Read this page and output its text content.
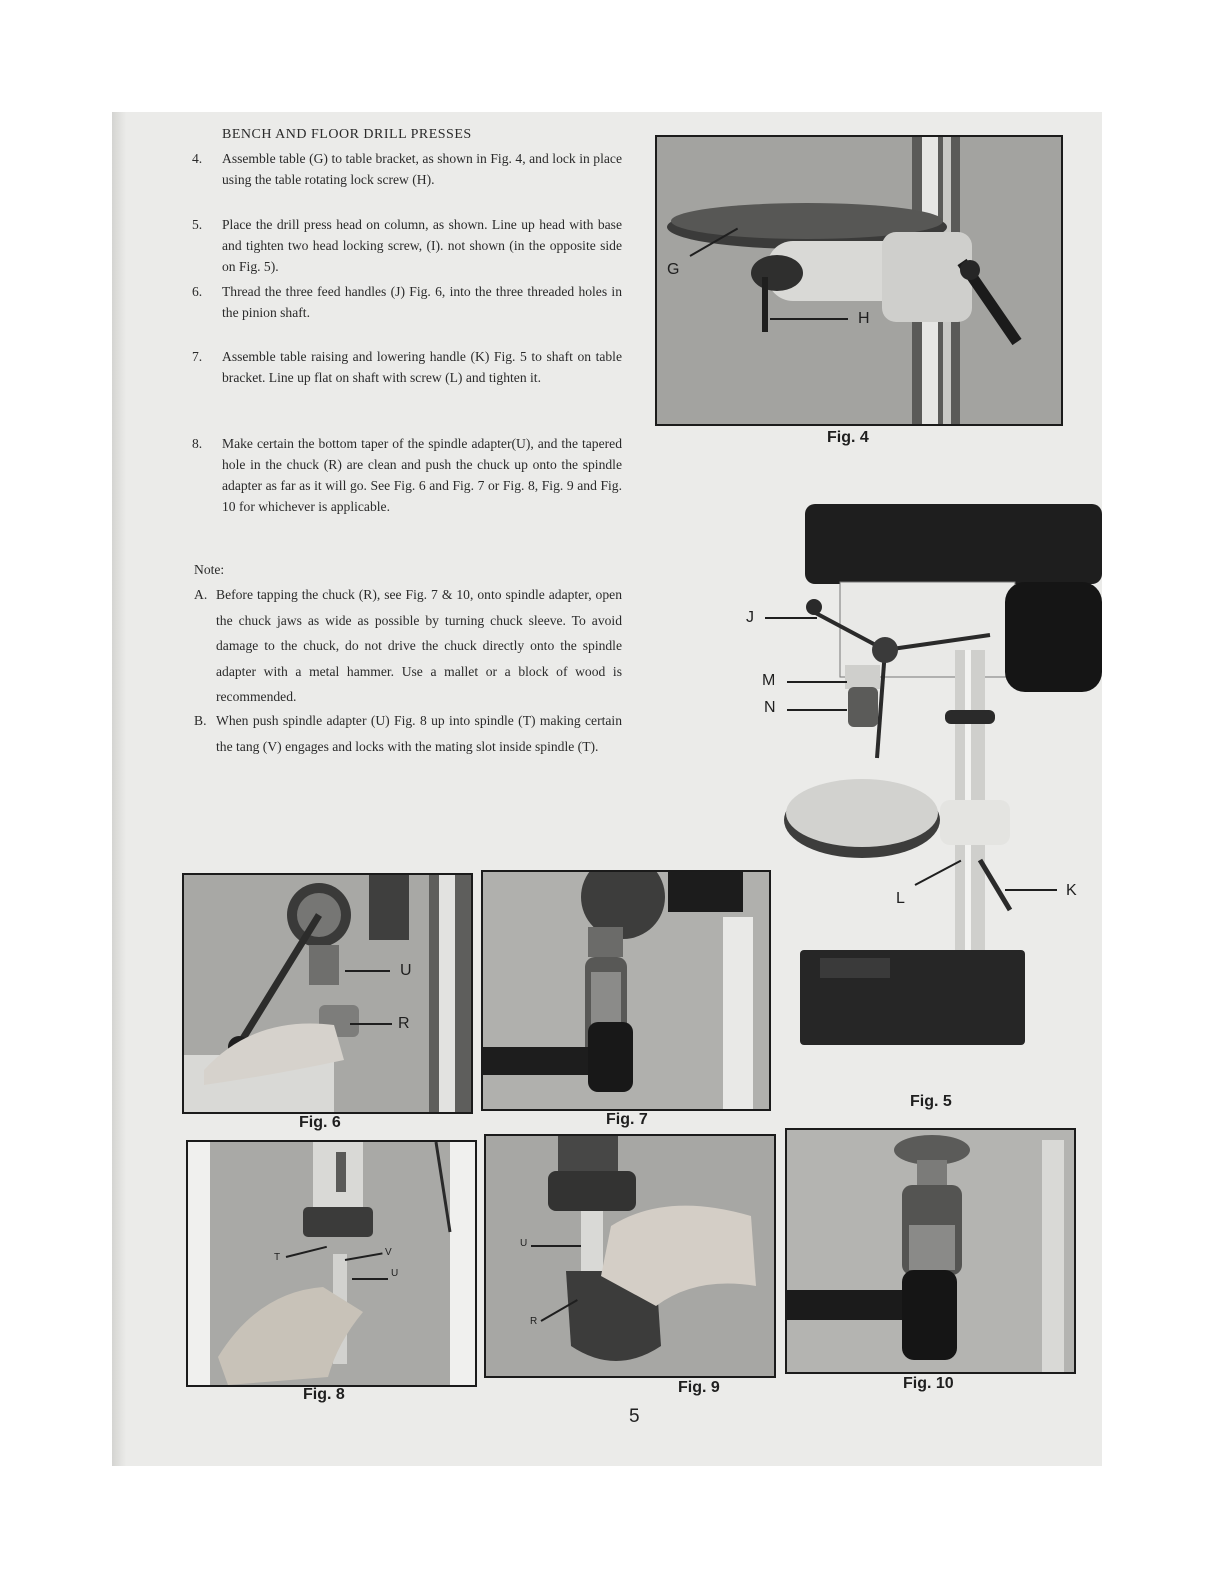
BENCH AND FLOOR DRILL PRESSES
4. Assemble table (G) to table bracket, as shown in Fig. 4, and lock in place using the table rotating lock screw (H).
5. Place the drill press head on column, as shown. Line up head with base and tighten two head locking screw, (I). not shown (in the opposite side on Fig. 5).
6. Thread the three feed handles (J) Fig. 6, into the three threaded holes in the pinion shaft.
7. Assemble table raising and lowering handle (K) Fig. 5 to shaft on table bracket. Line up flat on shaft with screw (L) and tighten it.
8. Make certain the bottom taper of the spindle adapter(U), and the tapered hole in the chuck (R) are clean and push the chuck up onto the spindle adapter as far as it will go. See Fig. 6 and Fig. 7 or Fig. 8, Fig. 9 and Fig. 10 for whichever is applicable.
Note:
A. Before tapping the chuck (R), see Fig. 7 & 10, onto spindle adapter, open the chuck jaws as wide as possible by turning chuck sleeve. To avoid damage to the chuck, do not drive the chuck directly onto the spindle adapter with a metal hammer. Use a mallet or a block of wood is recommended.
B. When push spindle adapter (U) Fig. 8 up into spindle (T) making certain the tang (V) engages and locks with the mating slot inside spindle (T).
G
H
Fig. 4
J
M
N
L	K
Fig. 5
U
R
Fig. 6	Fig. 7
T	V
U
Fig. 8
U
R
Fig. 9	Fig. 10
5
